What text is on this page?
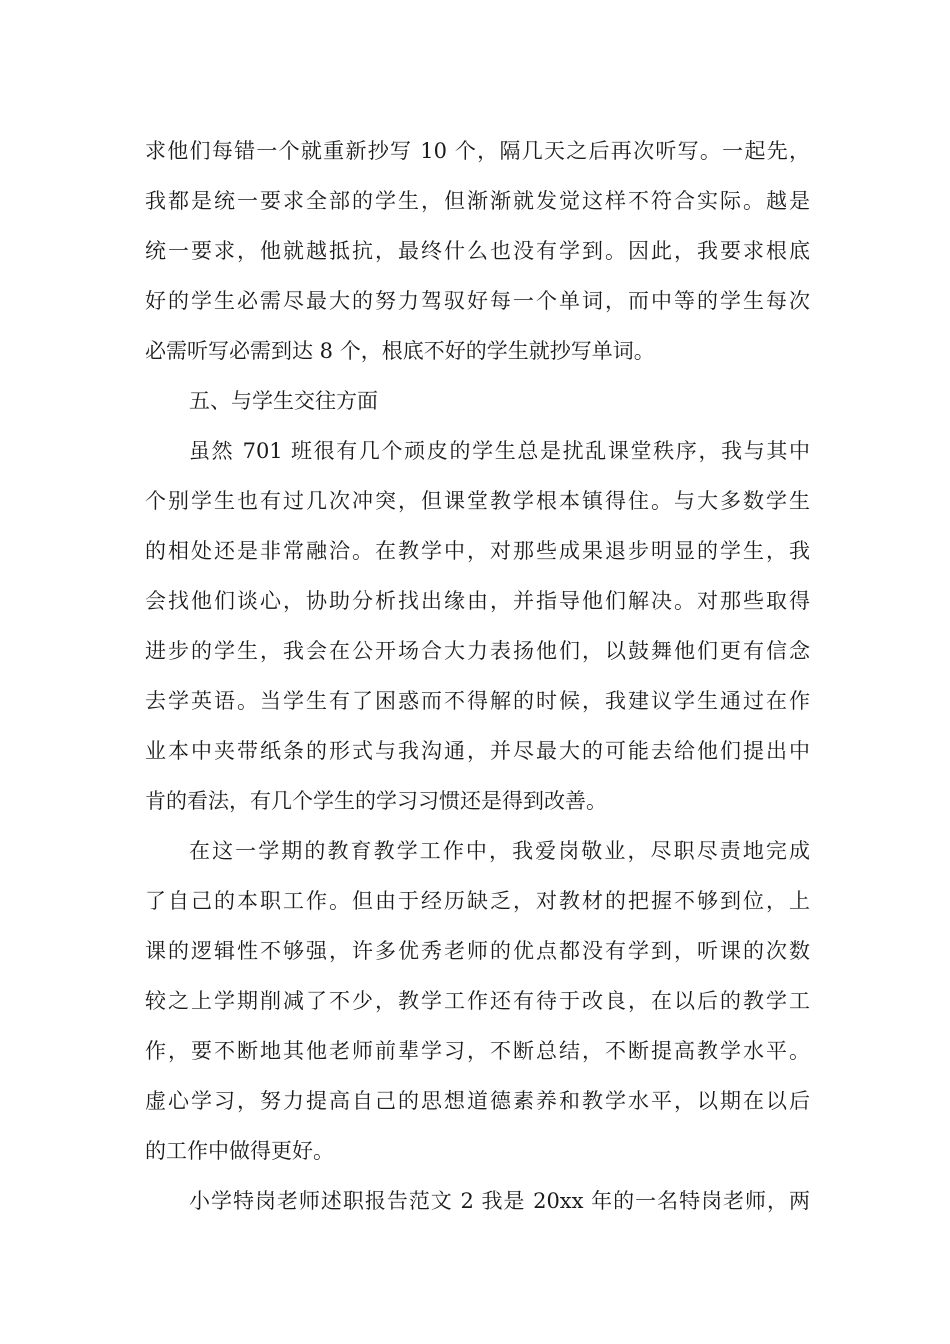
求他们每错一个就重新抄写 10 个，隔几天之后再次听写。一起先，
我都是统一要求全部的学生，但渐渐就发觉这样不符合实际。越是
统一要求，他就越抵抗，最终什么也没有学到。因此，我要求根底
好的学生必需尽最大的努力驾驭好每一个单词，而中等的学生每次
必需听写必需到达 8 个，根底不好的学生就抄写单词。
五、与学生交往方面
虽然 701 班很有几个顽皮的学生总是扰乱课堂秩序，我与其中
个别学生也有过几次冲突，但课堂教学根本镇得住。与大多数学生
的相处还是非常融洽。在教学中，对那些成果退步明显的学生，我
会找他们谈心，协助分析找出缘由，并指导他们解决。对那些取得
进步的学生，我会在公开场合大力表扬他们，以鼓舞他们更有信念
去学英语。当学生有了困惑而不得解的时候，我建议学生通过在作
业本中夹带纸条的形式与我沟通，并尽最大的可能去给他们提出中
肯的看法，有几个学生的学习习惯还是得到改善。
在这一学期的教育教学工作中，我爱岗敬业，尽职尽责地完成
了自己的本职工作。但由于经历缺乏，对教材的把握不够到位，上
课的逻辑性不够强，许多优秀老师的优点都没有学到，听课的次数
较之上学期削减了不少，教学工作还有待于改良，在以后的教学工
作，要不断地其他老师前辈学习，不断总结，不断提高教学水平。
虚心学习，努力提高自己的思想道德素养和教学水平，以期在以后
的工作中做得更好。
小学特岗老师述职报告范文 2 我是 20xx 年的一名特岗老师，两
